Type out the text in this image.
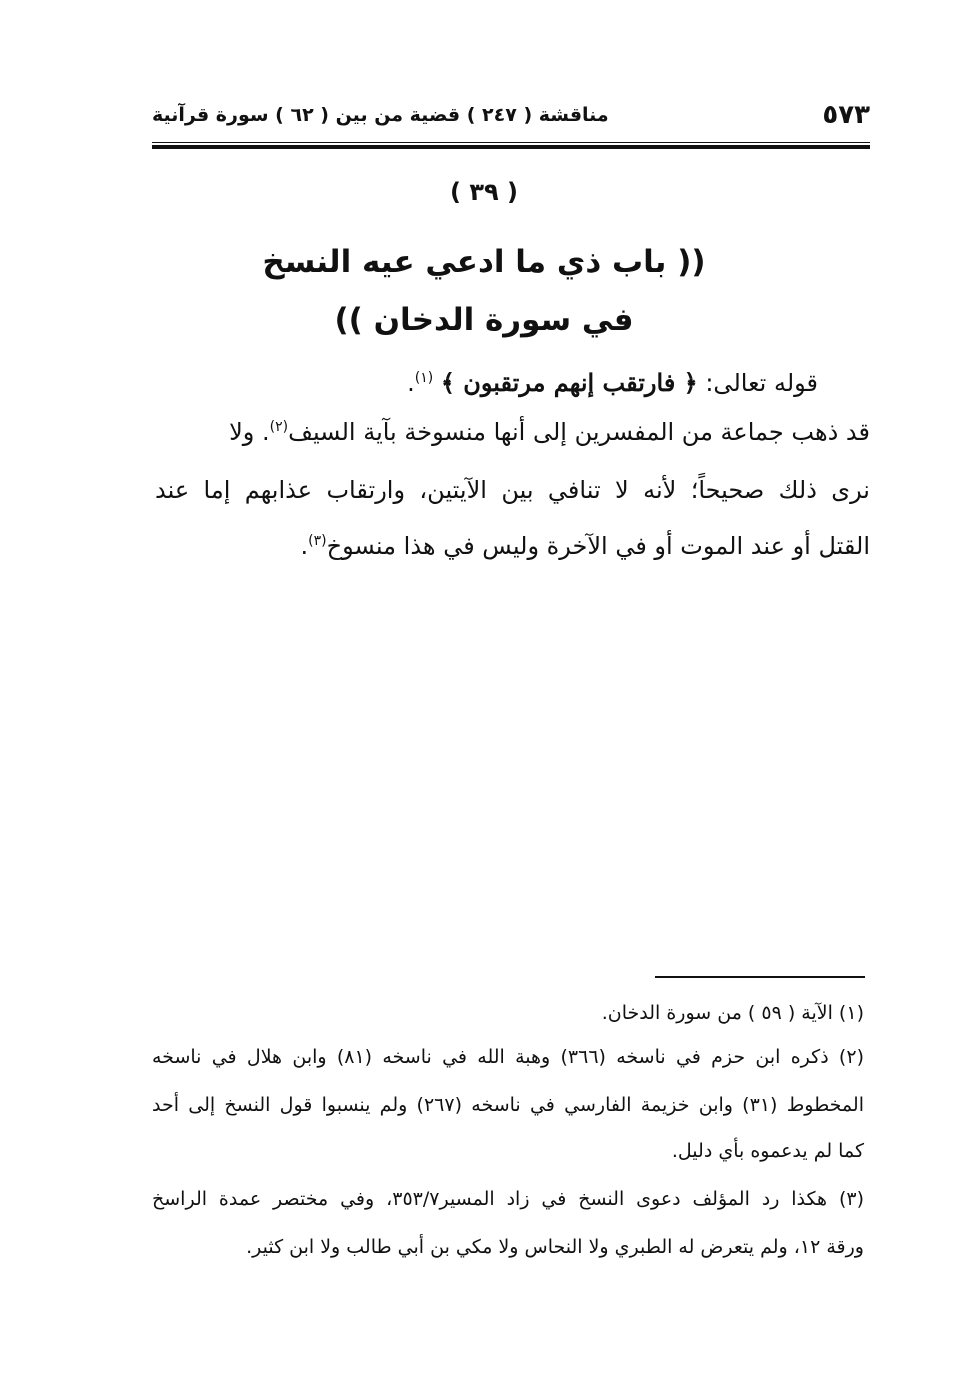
٥٧٣
مناقشة ( ٢٤٧ ) قضية من بين ( ٦٢ ) سورة قرآنية
( ٣٩ )
(( باب ذي ما ادعي عيه النسخ
في سورة الدخان ))
قوله تعالى: ﴿ فارتقب إنهم مرتقبون ﴾ $^{(١)}$.
قد ذهب جماعة من المفسرين إلى أنها منسوخة بآية السيف$^{(٢)}$. ولا
نرى ذلك صحيحاً؛ لأنه لا تنافي بين الآيتين، وارتقاب عذابهم إما عند
القتل أو عند الموت أو في الآخرة وليس في هذا منسوخ$^{(٣)}$.
(١) الآية ( ٥٩ ) من سورة الدخان.
(٢) ذكره ابن حزم في ناسخه (٣٦٦) وهبة الله في ناسخه (٨١) وابن هلال في ناسخه
المخطوط (٣١) وابن خزيمة الفارسي في ناسخه (٢٦٧) ولم ينسبوا قول النسخ إلى أحد
كما لم يدعموه بأي دليل.
(٣) هكذا رد المؤلف دعوى النسخ في زاد المسير٣٥٣/٧، وفي مختصر عمدة الراسخ
ورقة ١٢، ولم يتعرض له الطبري ولا النحاس ولا مكي بن أبي طالب ولا ابن كثير.
